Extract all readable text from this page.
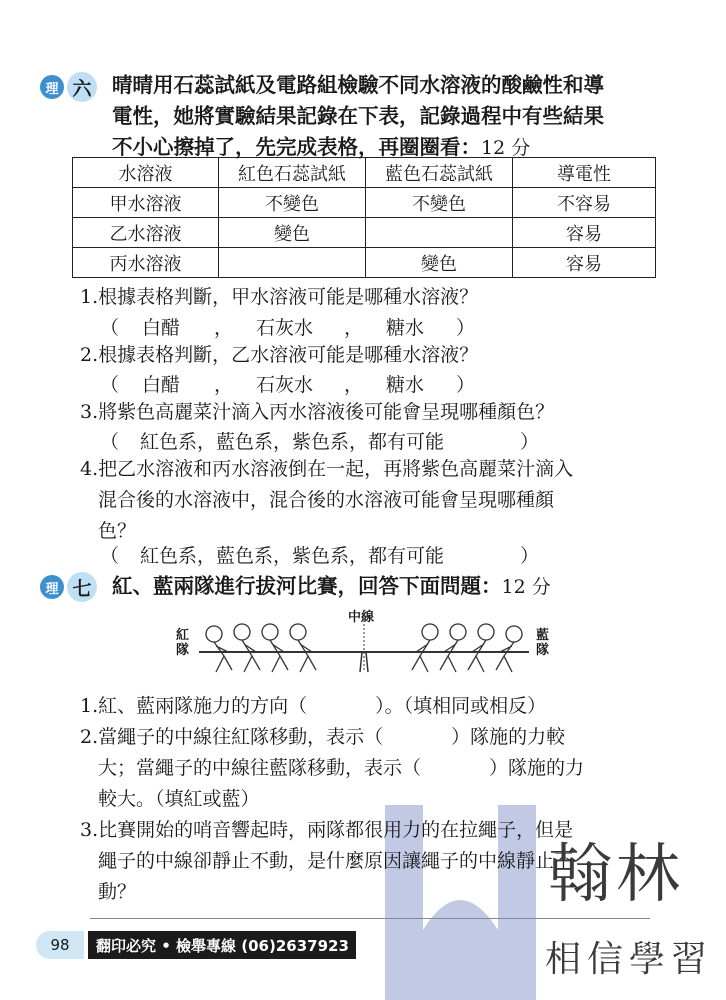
理 六 晴晴用石蕊試紙及電路組檢驗不同水溶液的酸鹼性和導
電性，她將實驗結果記錄在下表，記錄過程中有些結果
不小心擦掉了，先完成表格，再圈圈看：12 分
水溶液	紅色石蕊試紙	藍色石蕊試紙	導電性
甲水溶液	不變色	不變色	不容易
乙水溶液	變色		容易
丙水溶液		變色	容易
1.根據表格判斷，甲水溶液可能是哪種水溶液？
（ 白醋 ， 石灰水 ， 糖水 ）
2.根據表格判斷，乙水溶液可能是哪種水溶液？
（ 白醋 ， 石灰水 ， 糖水 ）
3.將紫色高麗菜汁滴入丙水溶液後可能會呈現哪種顏色？
（ 紅色系，藍色系，紫色系，都有可能	）
4.把乙水溶液和丙水溶液倒在一起，再將紫色高麗菜汁滴入
混合後的水溶液中，混合後的水溶液可能會呈現哪種顏
色？
（ 紅色系，藍色系，紫色系，都有可能	）
理 七 紅、藍兩隊進行拔河比賽，回答下面問題：12 分
中線
紅隊
藍隊
1.紅、藍兩隊施力的方向（	）。（填相同或相反）
2.當繩子的中線往紅隊移動，表示（	）隊施的力較
大；當繩子的中線往藍隊移動，表示（	）隊施的力
較大。（填紅或藍）
3.比賽開始的哨音響起時，兩隊都很用力的在拉繩子，但是
繩子的中線卻靜止不動，是什麼原因讓繩子的中線靜止不
動？
98	翻印必究 • 檢舉專線 (06)2637923
翰林
相信學習
